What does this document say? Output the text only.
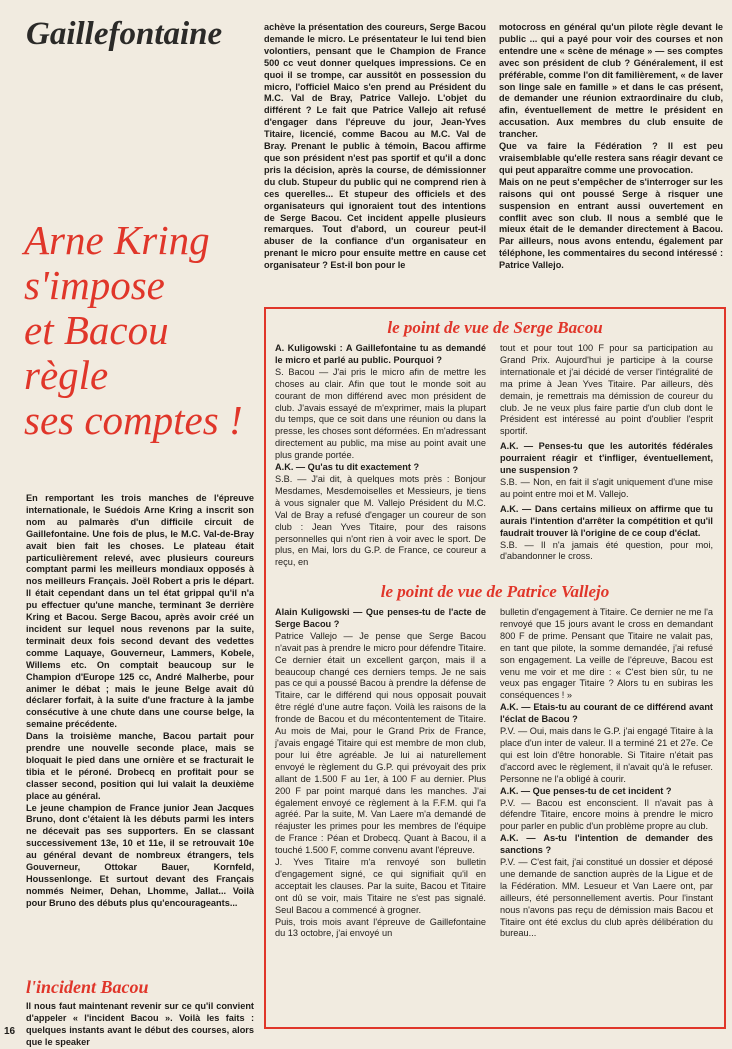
Gaillefontaine
Arne Kring
s'impose
et Bacou
règle
ses comptes !

En remportant les trois manches de l'épreuve internationale, le Suédois Arne Kring a inscrit son nom au palmarès d'un difficile circuit de Gaillefontaine. Une fois de plus, le M.C. Val-de-Bray avait bien fait les choses. Le plateau était particulièrement relevé, avec plusieurs coureurs comptant parmi les meilleurs mondiaux opposés à nos meilleurs Français. Joël Robert a pris le départ. Il était cependant dans un tel état grippal qu'il n'a pu effectuer qu'une manche, terminant 3e derrière Kring et Bacou. Serge Bacou, après avoir créé un incident sur lequel nous revenons par la suite, terminait deux fois second devant des vedettes comme Laquaye, Gouverneur, Lammers, Kobele, Willems etc. On comptait beaucoup sur le Champion d'Europe 125 cc, André Malherbe, pour animer le débat ; mais le jeune Belge avait dû déclarer forfait, à la suite d'une fracture à la jambe consécutive à une chute dans une course belge, la semaine précédente.

Dans la troisième manche, Bacou partait pour prendre une nouvelle seconde place, mais se bloquait le pied dans une ornière et se fracturait le tibia et le péroné. Drobecq en profitait pour se classer second, position qui lui valait la deuxième place au général.

Le jeune champion de France junior Jean Jacques Bruno, dont c'étaient là les débuts parmi les inters ne décevait pas ses supporters. En se classant successivement 13e, 10 et 11e, il se retrouvait 10e au général devant de nombreux étrangers, tels Gouverneur, Ottokar Bauer, Kornfeld, Houssenlonge. Et surtout devant des Français nommés Neimer, Dehan, Lhomme, Jallat... Voilà pour Bruno des débuts plus qu'encourageants...

l'incident Bacou

Il nous faut maintenant revenir sur ce qu'il convient d'appeler « l'incident Bacou ». Voilà les faits : quelques instants avant le début des courses, alors que le speaker

16

achève la présentation des coureurs, Serge Bacou demande le micro. Le présentateur le lui tend bien volontiers, pensant que le Champion de France 500 cc veut donner quelques impressions. Ce en quoi il se trompe, car aussitôt en possession du micro, l'officiel Maico s'en prend au Président du M.C. Val de Bray, Patrice Vallejo. L'objet du différent ? Le fait que Patrice Vallejo ait refusé d'engager dans l'épreuve du jour, Jean-Yves Titaire, licencié, comme Bacou au M.C. Val de Bray. Prenant le public à témoin, Bacou affirme que son président n'est pas sportif et qu'il a donc pris la décision, après la course, de démissionner du club. Stupeur du public qui ne comprend rien à ces querelles... Et stupeur des officiels et des organisateurs qui ignoraient tout des intentions de Serge Bacou. Cet incident appelle plusieurs remarques. Tout d'abord, un coureur peut-il abuser de la confiance d'un organisateur en prenant le micro pour ensuite mettre en cause cet organisateur ? Est-il bon pour le

motocross en général qu'un pilote règle devant le public ... qui a payé pour voir des courses et non entendre une « scène de ménage » — ses comptes avec son président de club ? Généralement, il est préférable, comme l'on dit familièrement, « de laver son linge sale en famille » et dans le cas présent, de demander une réunion extraordinaire du club, afin, éventuellement de mettre le président en accusation. Aux membres du club ensuite de trancher.

Que va faire la Fédération ? Il est peu vraisemblable qu'elle restera sans réagir devant ce qui peut apparaître comme une provocation.

Mais on ne peut s'empêcher de s'interroger sur les raisons qui ont poussé Serge à risquer une suspension en entrant aussi ouvertement en conflit avec son club. Il nous a semblé que le mieux était de le demander directement à Bacou. Par ailleurs, nous avons entendu, également par téléphone, les commentaires du second intéressé : Patrice Vallejo.

le point de vue de Serge Bacou

A. Kuligowski : A Gaillefontaine tu as demandé le micro et parlé au public. Pourquoi ?

S. Bacou — J'ai pris le micro afin de mettre les choses au clair. Afin que tout le monde soit au courant de mon différend avec mon président de club. J'avais essayé de m'exprimer, mais la plupart du temps, que ce soit dans une réunion ou dans la presse, les choses sont déformées. En m'adressant directement au public, ma mise au point avait une plus grande portée.

A.K. — Qu'as tu dit exactement ?

S.B. — J'ai dit, à quelques mots près : Bonjour Mesdames, Mesdemoiselles et Messieurs, je tiens à vous signaler que M. Vallejo Président du M.C. Val de Bray a refusé d'engager un coureur de son club : Jean Yves Titaire, pour des raisons personnelles qui n'ont rien à voir avec le sport. De plus, en Mai, lors du G.P. de France, ce coureur a reçu, en

tout et pour tout 100 F pour sa participation au Grand Prix. Aujourd'hui je participe à la course internationale et j'ai décidé de verser l'intégralité de ma prime à Jean Yves Titaire. Par ailleurs, dès demain, je remettrais ma démission de coureur du club. Je ne veux plus faire partie d'un club dont le Président est intéressé au point d'oublier l'esprit sportif.

A.K. — Penses-tu que les autorités fédérales pourraient réagir et t'infliger, éventuellement, une suspension ?

S.B. — Non, en fait il s'agit uniquement d'une mise au point entre moi et M. Vallejo.

A.K. — Dans certains milieux on affirme que tu aurais l'intention d'arrêter la compétition et qu'il faudrait trouver là l'origine de ce coup d'éclat.

S.B. — Il n'a jamais été question, pour moi, d'abandonner le cross.

le point de vue de Patrice Vallejo

Alain Kuligowski — Que penses-tu de l'acte de Serge Bacou ?

Patrice Vallejo — Je pense que Serge Bacou n'avait pas à prendre le micro pour défendre Titaire. Ce dernier était un excellent garçon, mais il a beaucoup changé ces derniers temps. Je ne sais pas ce qui a poussé Bacou à prendre la défense de Titaire, car le différend qui nous opposait pouvait être réglé d'une autre façon. Voilà les raisons de la fronde de Bacou et du mécontentement de Titaire. Au mois de Mai, pour le Grand Prix de France, j'avais engagé Titaire qui est membre de mon club, pour lui être agréable. Je lui ai naturellement envoyé le règlement du G.P. qui prévoyait des prix allant de 1.500 F au 1er, à 100 F au dernier. Plus 200 F par point marqué dans les manches. J'ai également envoyé ce règlement à la F.F.M. qui l'a agréé. Par la suite, M. Van Laere m'a demandé de réajuster les primes pour les membres de l'équipe de France : Péan et Drobecq. Quant à Bacou, il a touché 1.500 F, comme convenu avant l'épreuve.

J. Yves Titaire m'a renvoyé son bulletin d'engagement signé, ce qui signifiait qu'il en acceptait les clauses. Par la suite, Bacou et Titaire ont dû se voir, mais Titaire ne s'est pas signalé. Seul Bacou a commencé à grogner.

Puis, trois mois avant l'épreuve de Gaillefontaine du 13 octobre, j'ai envoyé un

bulletin d'engagement à Titaire. Ce dernier ne me l'a renvoyé que 15 jours avant le cross en demandant 800 F de prime. Pensant que Titaire ne valait pas, en tant que pilote, la somme demandée, j'ai refusé son engagement. La veille de l'épreuve, Bacou est venu me voir et me dire : « C'est bien sûr, tu ne veux pas engager Titaire ? Alors tu en subiras les conséquences ! »

A.K. — Etais-tu au courant de ce différend avant l'éclat de Bacou ?

P.V. — Oui, mais dans le G.P. j'ai engagé Titaire à la place d'un inter de valeur. Il a terminé 21 et 27e. Ce qui est loin d'être honorable. Si Titaire n'était pas d'accord avec le règlement, il n'avait qu'à le refuser. Personne ne l'a obligé à courir.

A.K. — Que penses-tu de cet incident ?

P.V. — Bacou est enconscient. Il n'avait pas à défendre Titaire, encore moins à prendre le micro pour parler en public d'un problème propre au club.

A.K. — As-tu l'intention de demander des sanctions ?

P.V. — C'est fait, j'ai constitué un dossier et déposé une demande de sanction auprès de la Ligue et de la Fédération. MM. Lesueur et Van Laere ont, par ailleurs, été personnellement avertis. Pour l'instant nous n'avons pas reçu de démission mais Bacou et Titaire ont été exclus du club après délibération du bureau...
